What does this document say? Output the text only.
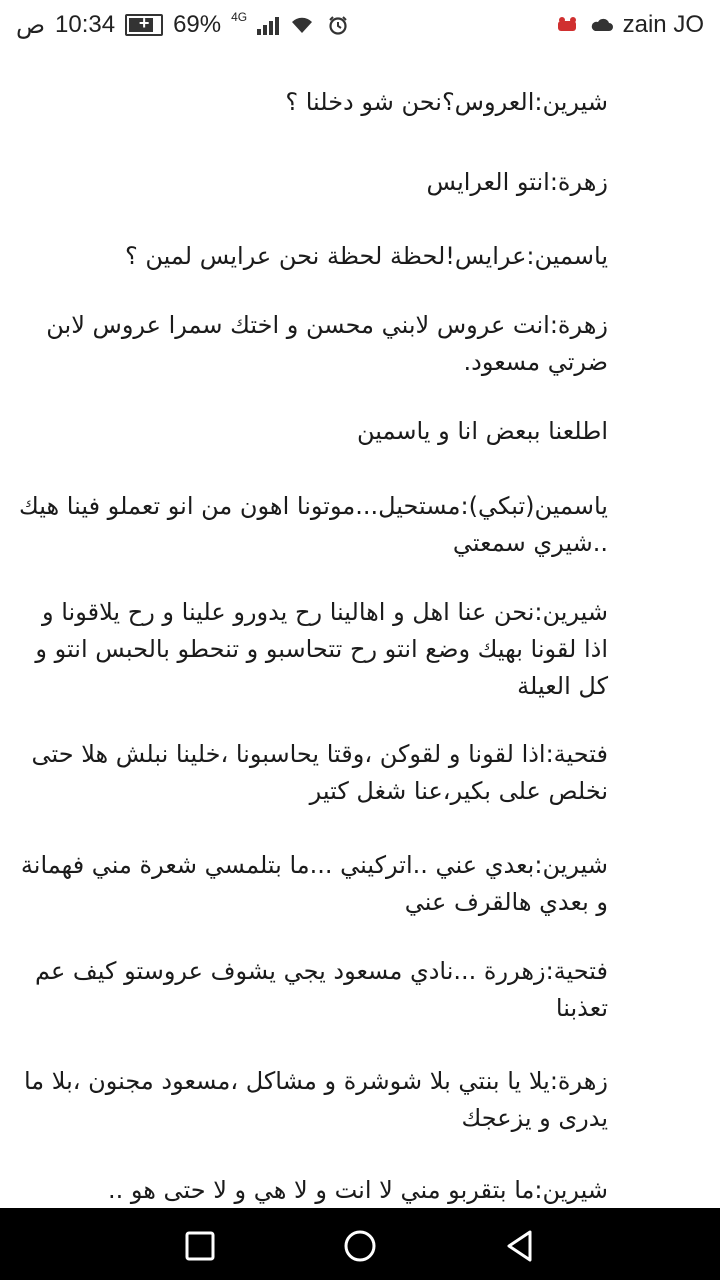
ص 10:34	+ 69% 4G	zain JO

شيرين:العروس؟نحن شو دخلنا ؟

زهرة:انتو العرايس

ياسمين:عرايس!لحظة لحظة نحن عرايس لمين ؟

زهرة:انت عروس لابني محسن و اختك سمرا عروس لابن ضرتي مسعود.

اطلعنا ببعض انا و ياسمين

ياسمين(تبكي):مستحيل...موتونا اهون من انو تعملو فينا هيك ..شيري سمعتي

شيرين:نحن عنا اهل و اهالينا رح يدورو علينا و رح يلاقونا و اذا لقونا بهيك وضع انتو رح تتحاسبو و تنحطو بالحبس انتو و كل العيلة

فتحية:اذا لقونا و لقوكن ،وقتا يحاسبونا ،خلينا نبلش هلا حتى نخلص على بكير،عنا شغل كتير

شيرين:بعدي عني ..اتركيني ...ما بتلمسي شعرة مني فهمانة و بعدي هالقرف عني

فتحية:زهررة ...نادي مسعود يجي يشوف عروستو كيف عم تعذبنا

زهرة:يلا يا بنتي بلا شوشرة و مشاكل ،مسعود مجنون ،بلا ما يدرى و يزعجك

شيرين:ما بتقربو مني لا انت و لا هي و لا حتى هو ..
